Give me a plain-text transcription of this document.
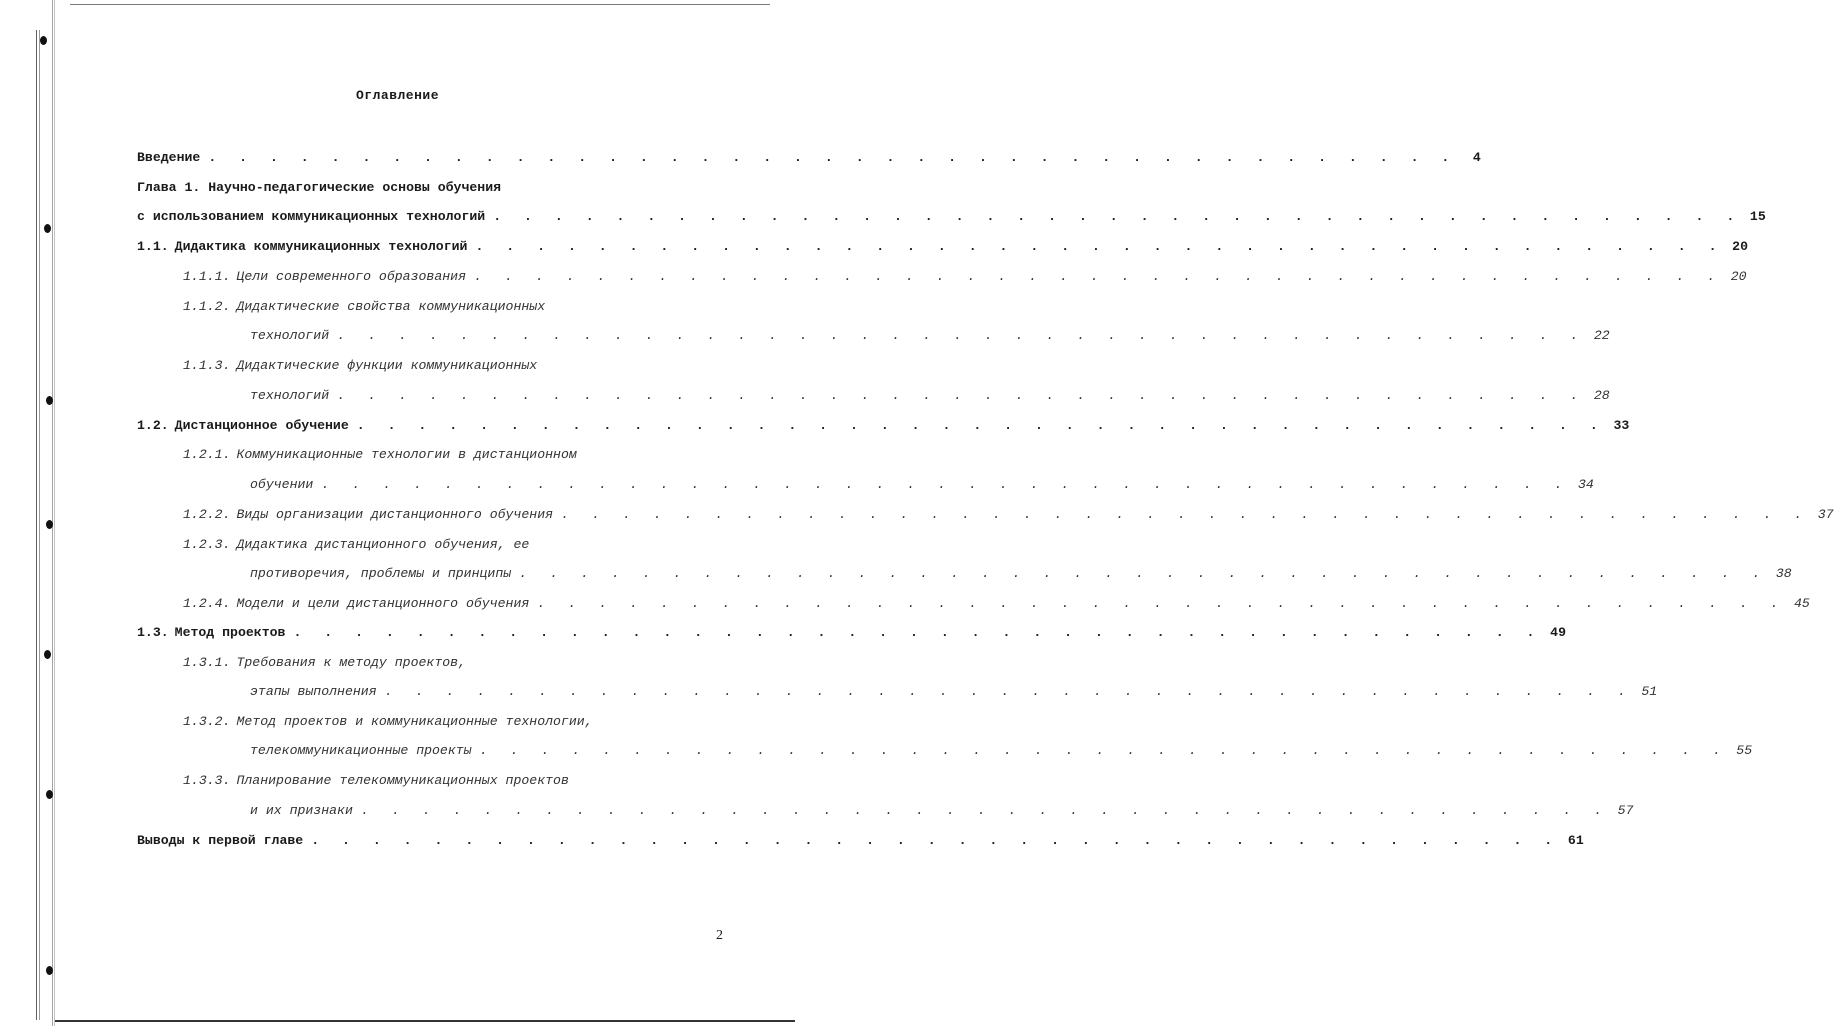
Оглавление
Введение . . . . . . . . . . . . . . . . . . . . . . . . . . . . . . . . . . . . . . . . .	4
Глава 1. Научно-педагогические основы обучения
с использованием коммуникационных технологий . . . . . . . . . . . . . . . . . . . . . . . . . . . . . . . . . . . . . . . . . 15
1.1. Дидактика коммуникационных технологий . . . . . . . . . . . . . . . . . . . . . . . . . . . . . . . . . . . . . . . . . 20
1.1.1. Цели современного образования . . . . . . . . . . . . . . . . . . . . . . . . . . . . . . . . . . . . . . . . . 20
1.1.2. Дидактические свойства коммуникационных
технологий . . . . . . . . . . . . . . . . . . . . . . . . . . . . . . . . . . . . . . . . . 22
1.1.3. Дидактические функции коммуникационных
технологий . . . . . . . . . . . . . . . . . . . . . . . . . . . . . . . . . . . . . . . . . 28
1.2. Дистанционное обучение . . . . . . . . . . . . . . . . . . . . . . . . . . . . . . . . . . . . . . . . . 33
1.2.1. Коммуникационные технологии в дистанционном
обучении . . . . . . . . . . . . . . . . . . . . . . . . . . . . . . . . . . . . . . . . . 34
1.2.2. Виды организации дистанционного обучения . . . . . . . . . . . . . . . . . . . . . . . . . . . . . . . . . . . . . . . . . 37
1.2.3. Дидактика дистанционного обучения, ее
противоречия, проблемы и принципы . . . . . . . . . . . . . . . . . . . . . . . . . . . . . . . . . . . . . . . . . 38
1.2.4. Модели и цели дистанционного обучения . . . . . . . . . . . . . . . . . . . . . . . . . . . . . . . . . . . . . . . . . 45
1.3. Метод проектов . . . . . . . . . . . . . . . . . . . . . . . . . . . . . . . . . . . . . . . . . 49
1.3.1. Требования к методу проектов,
этапы выполнения . . . . . . . . . . . . . . . . . . . . . . . . . . . . . . . . . . . . . . . . . 51
1.3.2. Метод проектов и коммуникационные технологии,
телекоммуникационные проекты . . . . . . . . . . . . . . . . . . . . . . . . . . . . . . . . . . . . . . . . . 55
1.3.3. Планирование телекоммуникационных проектов
и их признаки . . . . . . . . . . . . . . . . . . . . . . . . . . . . . . . . . . . . . . . . . 57
Выводы к первой главе . . . . . . . . . . . . . . . . . . . . . . . . . . . . . . . . . . . . . . . . . 61
2
